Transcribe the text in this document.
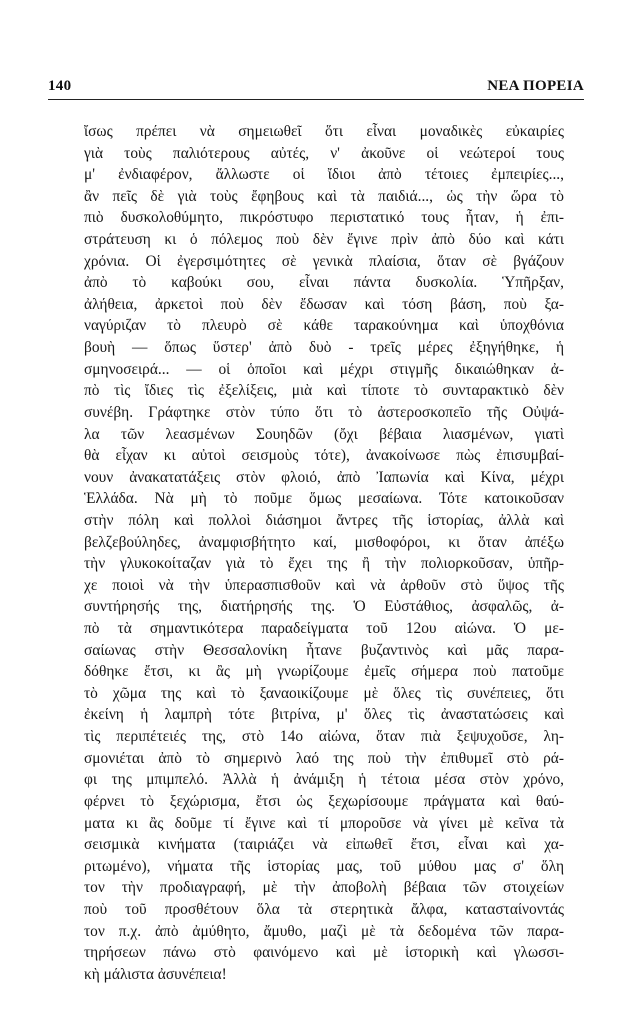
140	ΝΕΑ ΠΟΡΕΙΑ
ἴσως πρέπει νὰ σημειωθεῖ ὅτι εἶναι μοναδικὲς εὐκαιρίες
γιὰ τοὺς παλιότερους αὐτές, ν' ἀκοῦνε οἱ νεώτεροί τους
μ' ἐνδιαφέρον, ἄλλωστε οἱ ἴδιοι ἀπὸ τέτοιες ἐμπειρίες...,
ἂν πεῖς δὲ γιὰ τοὺς ἔφηβους καὶ τὰ παιδιά..., ὡς τὴν ὥρα τὸ
πιὸ δυσκολοθύμητο, πικρόστυφο περιστατικό τους ἦταν, ἡ ἐπι-
στράτευση κι ὁ πόλεμος ποὺ δὲν ἔγινε πρὶν ἀπὸ δύο καὶ κάτι
χρόνια. Οἱ ἐγερσιμότητες σὲ γενικὰ πλαίσια, ὅταν σὲ βγάζουν
ἀπὸ τὸ καβούκι σου, εἶναι πάντα δυσκολία. Ὑπῆρξαν,
ἀλήθεια, ἀρκετοὶ ποὺ δὲν ἔδωσαν καὶ τόση βάση, ποὺ ξα-
ναγύριζαν τὸ πλευρὸ σὲ κάθε ταρακούνημα καὶ ὑποχθόνια
βουὴ — ὅπως ὕστερ' ἀπὸ δυὸ - τρεῖς μέρες ἐξηγήθηκε, ἡ
σμηνοσειρά... — οἱ ὁποῖοι καὶ μέχρι στιγμῆς δικαιώθηκαν ἀ-
πὸ τὶς ἴδιες τὶς ἐξελίξεις, μιὰ καὶ τίποτε τὸ συνταρακτικὸ δὲν
συνέβη. Γράφτηκε στὸν τύπο ὅτι τὸ ἀστεροσκοπεῖο τῆς Οὐψά-
λα τῶν λεασμένων Σουηδῶν (ὄχι βέβαια λιασμένων, γιατὶ
θὰ εἶχαν κι αὐτοὶ σεισμοὺς τότε), ἀνακοίνωσε πὼς ἐπισυμβαί-
νουν ἀνακατατάξεις στὸν φλοιό, ἀπὸ Ἰαπωνία καὶ Κίνα, μέχρι
Ἑλλάδα. Νὰ μὴ τὸ ποῦμε ὅμως μεσαίωνα. Τότε κατοικοῦσαν
στὴν πόλη καὶ πολλοὶ διάσημοι ἄντρες τῆς ἱστορίας, ἀλλὰ καὶ
βελζεβούληδες, ἀναμφισβήτητο καί, μισθοφόροι, κι ὅταν ἀπέξω
τὴν γλυκοκοίταζαν γιὰ τὸ ἔχει της ἢ τὴν πολιορκοῦσαν, ὑπῆρ-
χε ποιοὶ νὰ τὴν ὑπερασπισθοῦν καὶ νὰ ἀρθοῦν στὸ ὕψος τῆς
συντήρησής της, διατήρησής της. Ὁ Εὐστάθιος, ἀσφαλῶς, ἀ-
πὸ τὰ σημαντικότερα παραδείγματα τοῦ 12ου αἰώνα. Ὁ με-
σαίωνας στὴν Θεσσαλονίκη ἦτανε βυζαντινὸς καὶ μᾶς παρα-
δόθηκε ἔτσι, κι ἂς μὴ γνωρίζουμε ἐμεῖς σήμερα ποὺ πατοῦμε
τὸ χῶμα της καὶ τὸ ξαναοικίζουμε μὲ ὅλες τὶς συνέπειες, ὅτι
ἐκείνη ἡ λαμπρὴ τότε βιτρίνα, μ' ὅλες τὶς ἀναστατώσεις καὶ
τὶς περιπέτειές της, στὸ 14ο αἰώνα, ὅταν πιὰ ξεψυχοῦσε, λη-
σμονιέται ἀπὸ τὸ σημερινὸ λαό της ποὺ τὴν ἐπιθυμεῖ στὸ ρά-
φι της μπιμπελό. Ἀλλὰ ἡ ἀνάμιξη ἡ τέτοια μέσα στὸν χρόνο,
φέρνει τὸ ξεχώρισμα, ἔτσι ὡς ξεχωρίσουμε πράγματα καὶ θαύ-
ματα κι ἂς δοῦμε τί ἔγινε καὶ τί μποροῦσε νὰ γίνει μὲ κεῖνα τὰ
σεισμικὰ κινήματα (ταιριάζει νὰ εἰπωθεῖ ἔτσι, εἶναι καὶ χα-
ριτωμένο), νήματα τῆς ἱστορίας μας, τοῦ μύθου μας σ' ὅλη
τον τὴν προδιαγραφή, μὲ τὴν ἀποβολὴ βέβαια τῶν στοιχείων
ποὺ τοῦ προσθέτουν ὅλα τὰ στερητικὰ ἄλφα, κατασταίνοντάς
τον π.χ. ἀπὸ ἀμύθητο, ἄμυθο, μαζὶ μὲ τὰ δεδομένα τῶν παρα-
τηρήσεων πάνω στὸ φαινόμενο καὶ μὲ ἱστορικὴ καὶ γλωσσι-
κὴ μάλιστα ἀσυνέπεια!
